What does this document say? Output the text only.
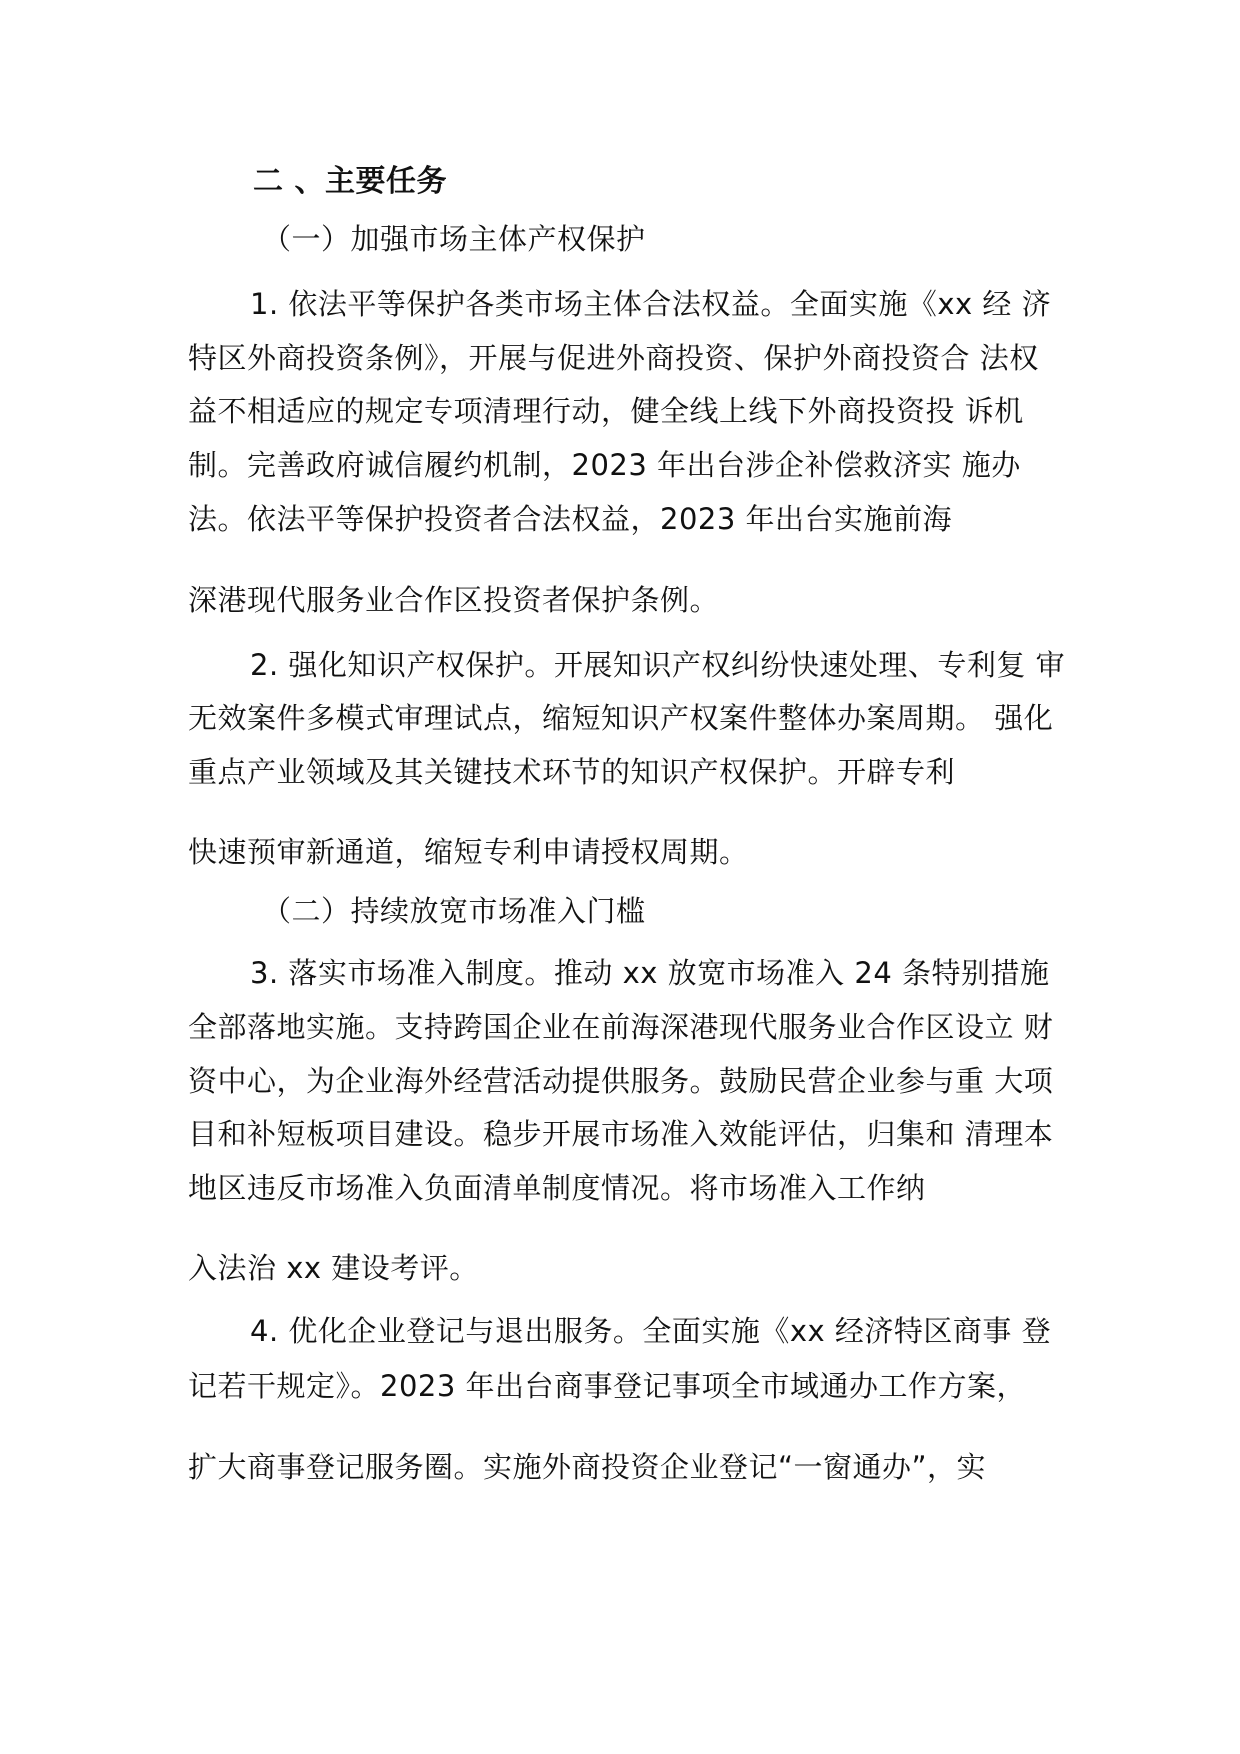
二 、主要任务
（一）加强市场主体产权保护
1. 依法平等保护各类市场主体合法权益。全面实施《xx 经 济
特区外商投资条例》，开展与促进外商投资、保护外商投资合 法权
益不相适应的规定专项清理行动，健全线上线下外商投资投 诉机
制。完善政府诚信履约机制，2023 年出台涉企补偿救济实 施办
法。依法平等保护投资者合法权益，2023 年出台实施前海
深港现代服务业合作区投资者保护条例。
2. 强化知识产权保护。开展知识产权纠纷快速处理、专利复 审
无效案件多模式审理试点，缩短知识产权案件整体办案周期。 强化
重点产业领域及其关键技术环节的知识产权保护。开辟专利
快速预审新通道，缩短专利申请授权周期。
（二）持续放宽市场准入门槛
3. 落实市场准入制度。推动 xx 放宽市场准入 24 条特别措施
全部落地实施。支持跨国企业在前海深港现代服务业合作区设立 财
资中心，为企业海外经营活动提供服务。鼓励民营企业参与重 大项
目和补短板项目建设。稳步开展市场准入效能评估，归集和 清理本
地区违反市场准入负面清单制度情况。将市场准入工作纳
入法治 xx 建设考评。
4. 优化企业登记与退出服务。全面实施《xx 经济特区商事 登
记若干规定》。2023 年出台商事登记事项全市域通办工作方案，
扩大商事登记服务圈。实施外商投资企业登记“一窗通办”，实
